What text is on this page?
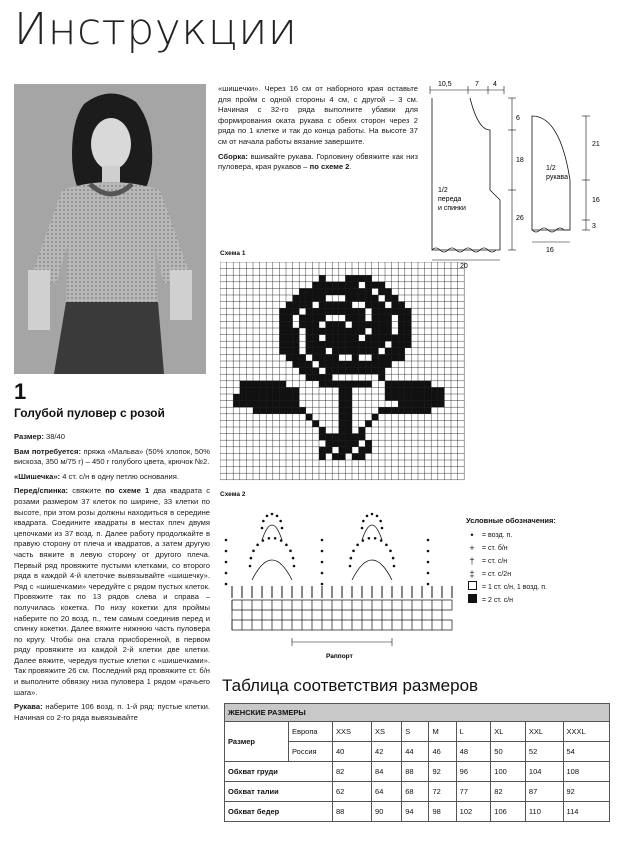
Инструкции
1
Голубой пуловер с розой

Размер: 38/40

Вам потребуется: пряжа «Мальва» (50% хлопок, 50% вискоза, 350 м/75 г) – 450 г голубого цвета, крючок №2.

«Шишечка»: 4 ст. с/н в одну петлю основания.

Перед/спинка: свяжите по схеме 1 два квадрата с розами размером 37 клеток по ширине, 33 клетки по высоте, при этом розы должны находиться в середине квадрата. Соедините квадраты в местах плеч двумя цепочками из 37 возд. п. Далее работу продолжайте в правую сторону от плеча и квадратов, а затем другую часть вяжите в левую сторону от другого плеча. Первый ряд провяжите пустыми клетками, со второго ряда в каждой 4-й клеточке вывязывайте «шишечку». Ряд с «шишечками» чередуйте с рядом пустых клеток. Провяжите так по 13 рядов слева и справа – получилась кокетка. По низу кокетки для проймы наберите по 20 возд. п., тем самым соединив перед и спинку кокетки. Далее вяжите нижнюю часть пуловера по кругу. Чтобы она стала присборенной, в первом ряду провяжите из каждой 2-й клетки две клетки. Далее вяжите, чередуя пустые клетки с «шишечками». Так провяжите 26 см. Последний ряд провяжите ст. б/н и выполните обвязку низа пуловера 1 рядом «рачьего шага».

Рукава: наберите 106 возд. п. 1-й ряд: пустые клетки. Начиная со 2-го ряда вывязывайте

«шишечки». Через 16 см от наборного края оставьте для пройм с одной стороны 4 см, с другой – 3 см. Начиная с 32-го ряда выполните убавки для формирования оката рукава с обеих сторон через 2 ряда по 1 клетке и так до конца работы. На высоте 37 см от начала работы вязание завершите.

Сборка: вшивайте рукава. Горловину обвяжите как низ пуловера, края рукавов – по схеме 2.

10,5	7 4
6
18
26
1/2
переда
и спинки
20
21
16
3
1/2
рукава
16
Схема 1
Схема 2
Раппорт
Условные обозначения:
•	= возд. п.
+	= ст. б/н
†	= ст. с/н
‡	= ст. с/2н
= 1 ст. с/н, 1 возд. п.
= 2 ст. с/н
Таблица соответствия размеров
ЖЕНСКИЕ РАЗМЕРЫ									
Размер	Европа	XXS	XS	S	M	L	XL	XXL	XXXL
	Россия	40	42	44	46	48	50	52	54
Обхват груди		82	84	88	92	96	100	104	108
Обхват талии		62	64	68	72	77	82	87	92
Обхват бедер		88	90	94	98	102	106	110	114
